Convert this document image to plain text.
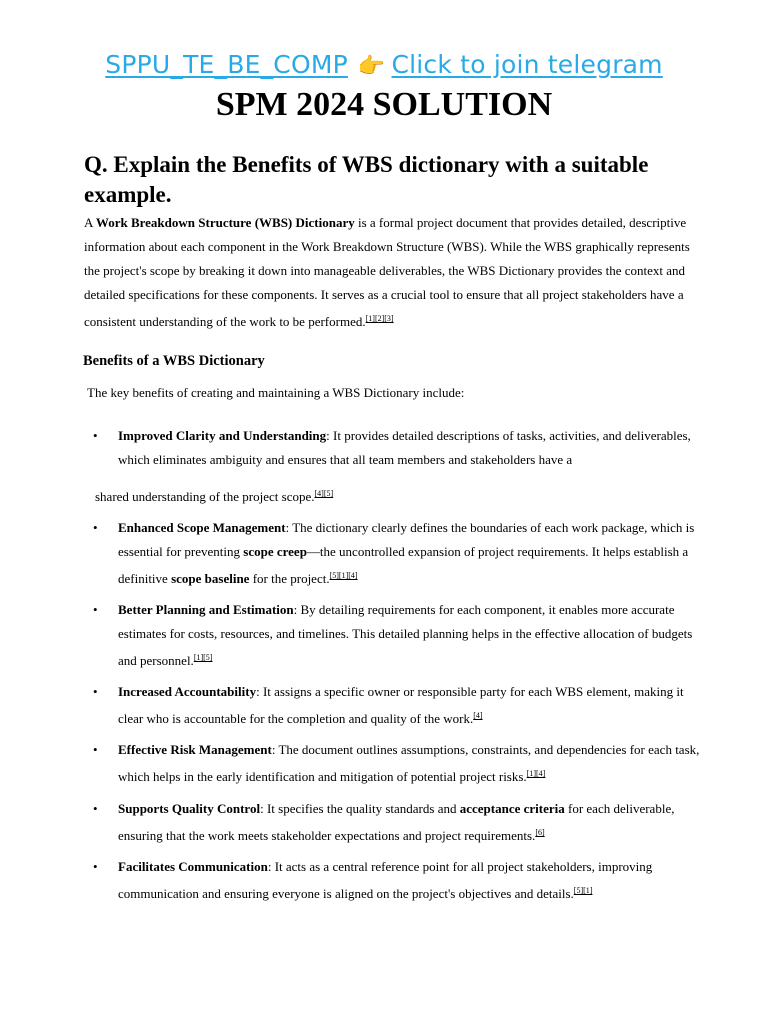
SPPU_TE_BE_COMP 👉 Click to join telegram
SPM 2024 SOLUTION
Q. Explain the Benefits of WBS dictionary with a suitable example.

A Work Breakdown Structure (WBS) Dictionary is a formal project document that provides detailed, descriptive information about each component in the Work Breakdown Structure (WBS). While the WBS graphically represents the project's scope by breaking it down into manageable deliverables, the WBS Dictionary provides the context and detailed specifications for these components. It serves as a crucial tool to ensure that all project stakeholders have a consistent understanding of the work to be performed.[1][2][3]

Benefits of a WBS Dictionary

The key benefits of creating and maintaining a WBS Dictionary include:

• Improved Clarity and Understanding: It provides detailed descriptions of tasks, activities, and deliverables, which eliminates ambiguity and ensures that all team members and stakeholders have a
shared understanding of the project scope.[4][5]
• Enhanced Scope Management: The dictionary clearly defines the boundaries of each work package, which is essential for preventing scope creep—the uncontrolled expansion of project requirements. It helps establish a definitive scope baseline for the project.[5][1][4]
• Better Planning and Estimation: By detailing requirements for each component, it enables more accurate estimates for costs, resources, and timelines. This detailed planning helps in the effective allocation of budgets and personnel.[1][5]
• Increased Accountability: It assigns a specific owner or responsible party for each WBS element, making it clear who is accountable for the completion and quality of the work.[4]
• Effective Risk Management: The document outlines assumptions, constraints, and dependencies for each task, which helps in the early identification and mitigation of potential project risks.[1][4]
• Supports Quality Control: It specifies the quality standards and acceptance criteria for each deliverable, ensuring that the work meets stakeholder expectations and project requirements.[6]
• Facilitates Communication: It acts as a central reference point for all project stakeholders, improving communication and ensuring everyone is aligned on the project's objectives and details.[5][1]
